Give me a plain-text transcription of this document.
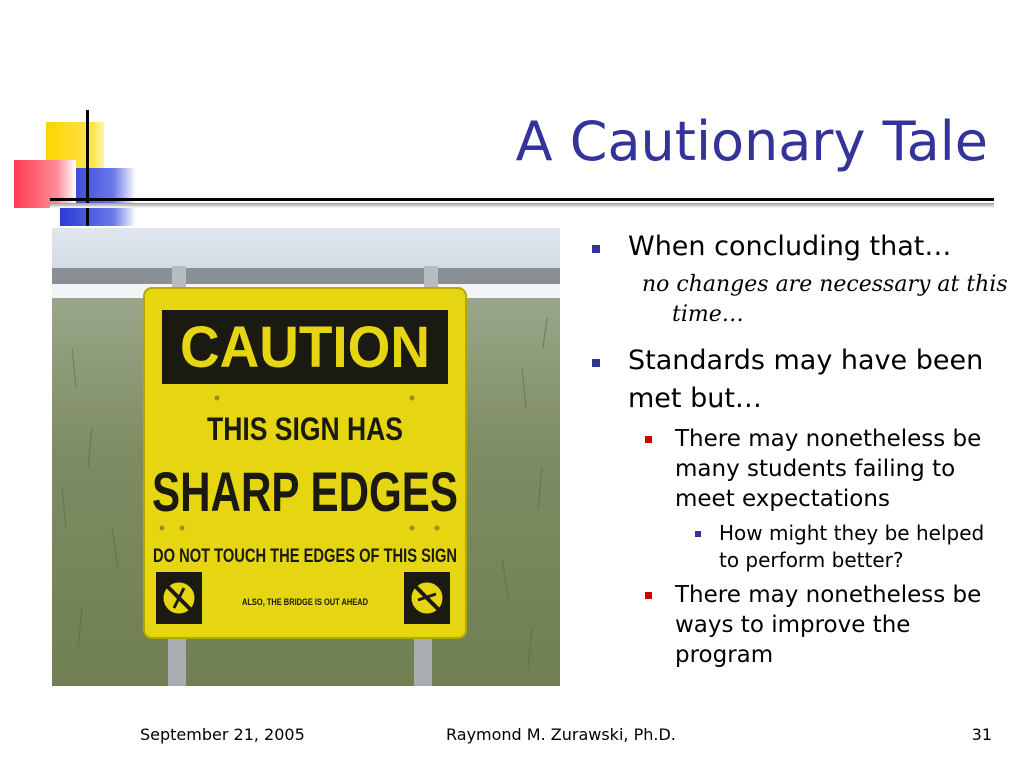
A Cautionary Tale
CAUTION
THIS SIGN HAS
SHARP EDGES
DO NOT TOUCH THE EDGES OF THIS SIGN
ALSO, THE BRIDGE IS OUT AHEAD
When concluding that…
no changes are necessary at this time…
Standards may have been met but…
There may nonetheless be many students failing to meet expectations
How might they be helped to perform better?
There may nonetheless be ways to improve the program
September 21, 2005	Raymond M. Zurawski, Ph.D.	31
